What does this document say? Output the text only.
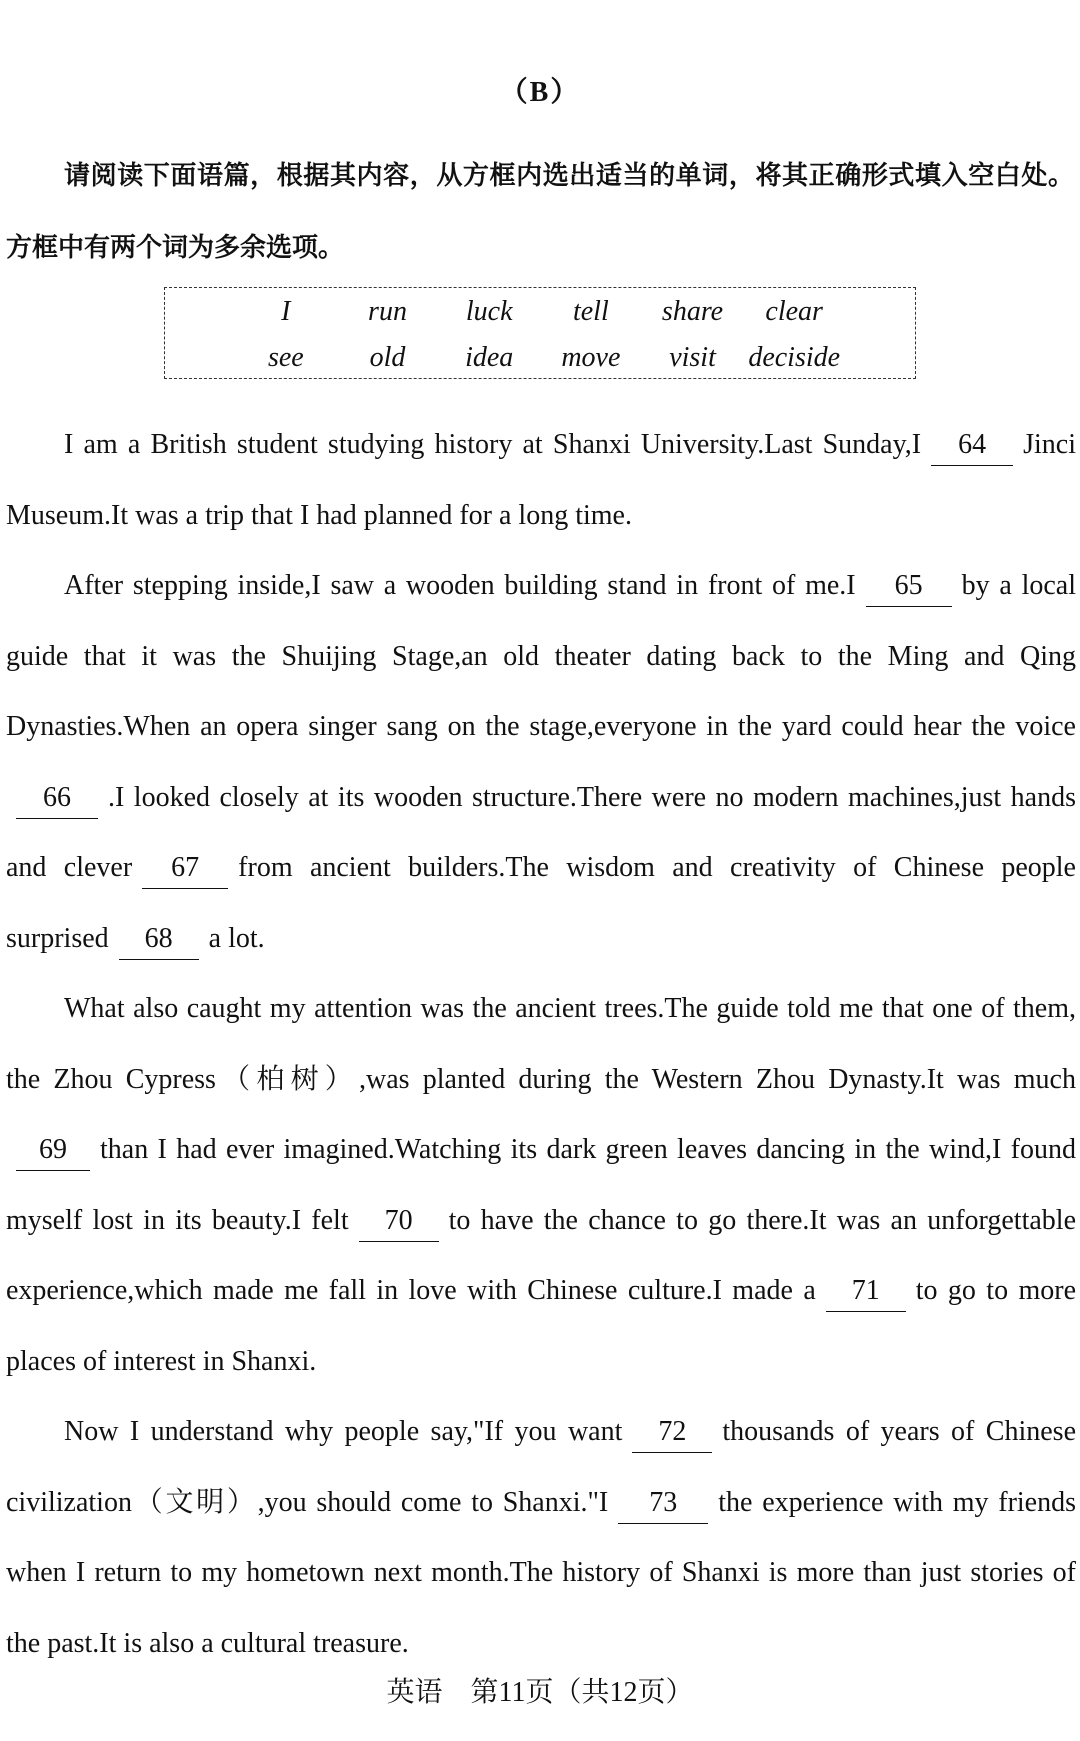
（B）
请阅读下面语篇，根据其内容，从方框内选出适当的单词，将其正确形式填入空白处。方框中有两个词为多余选项。
I	run	luck	tell	share	clear
see	old	idea	move	visit	deciside

I am a British student studying history at Shanxi University.Last Sunday,I 64 Jinci Museum.It was a trip that I had planned for a long time.

After stepping inside,I saw a wooden building stand in front of me.I 65 by a local guide that it was the Shuijing Stage,an old theater dating back to the Ming and Qing Dynasties.When an opera singer sang on the stage,everyone in the yard could hear the voice66 .I looked closely at its wooden structure.There were no modern machines,just hands and clever 67 from ancient builders.The wisdom and creativity of Chinese people surprised 68 a lot.

What also caught my attention was the ancient trees.The guide told me that one of them, the Zhou Cypress（柏树）,was planted during the Western Zhou Dynasty.It was much69 than I had ever imagined.Watching its dark green leaves dancing in the wind,I found myself lost in its beauty.I felt 70 to have the chance to go there.It was an unforgettable experience,which made me fall in love with Chinese culture.I made a 71 to go to more places of interest in Shanxi.

Now I understand why people say,"If you want 72 thousands of years of Chinese civilization（文明）,you should come to Shanxi."I 73 the experience with my friends when I return to my hometown next month.The history of Shanxi is more than just stories of the past.It is also a cultural treasure.

英语　第11页（共12页）
